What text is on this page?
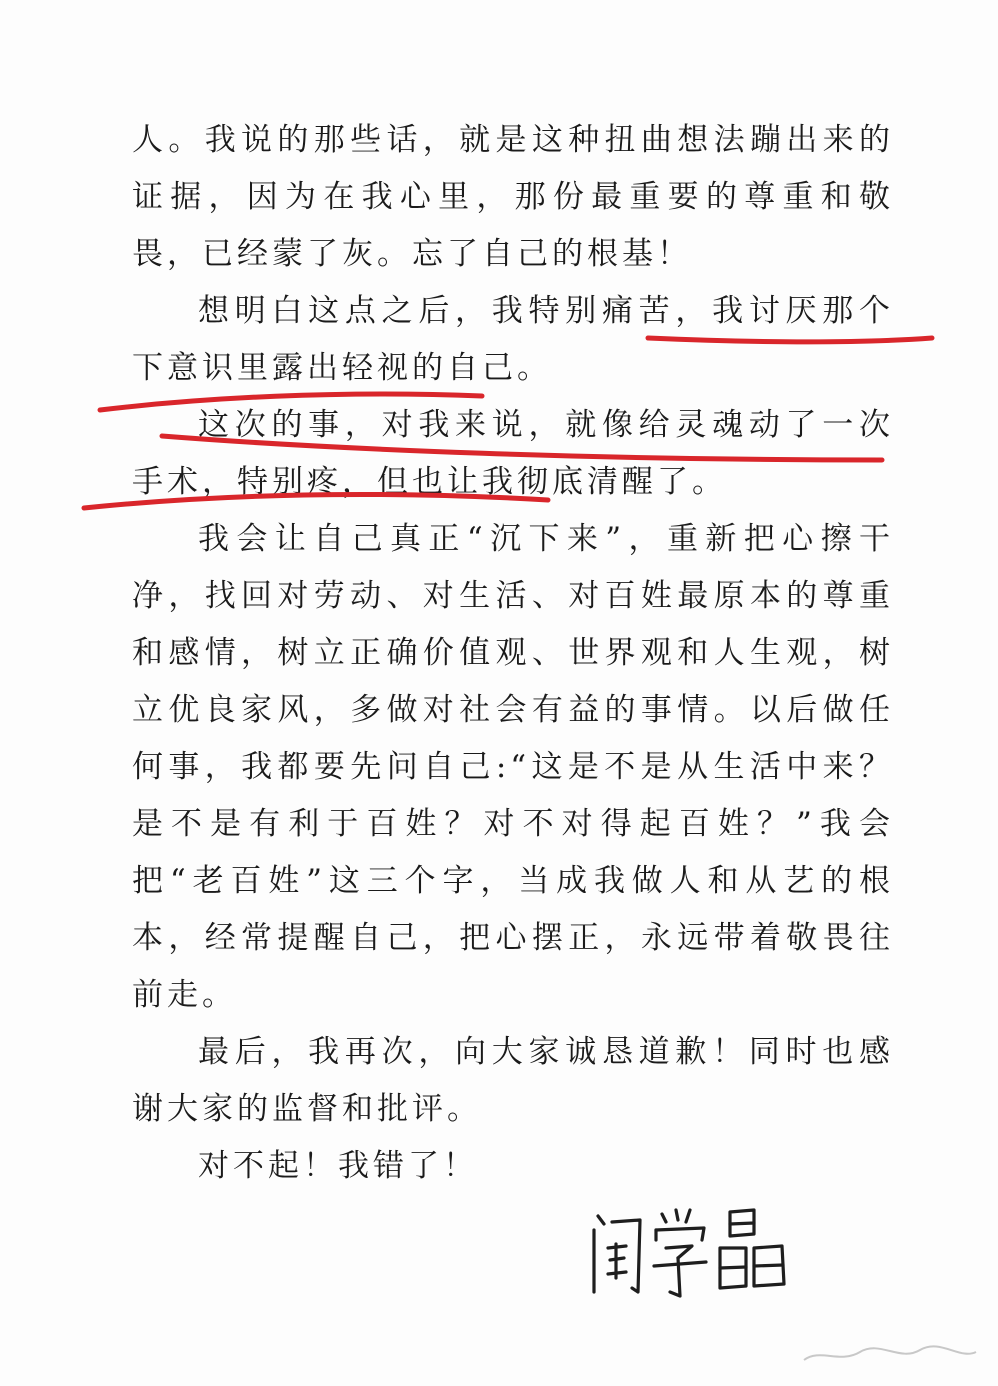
人。我说的那些话，就是这种扭曲想法蹦出来的证据，因为在我心里，那份最重要的尊重和敬畏，已经蒙了灰。忘了自己的根基！

想明白这点之后，我特别痛苦，我讨厌那个下意识里露出轻视的自己。

这次的事，对我来说，就像给灵魂动了一次手术，特别疼，但也让我彻底清醒了。

我会让自己真正“沉下来”，重新把心擦干净，找回对劳动、对生活、对百姓最原本的尊重和感情，树立正确价值观、世界观和人生观，树立优良家风，多做对社会有益的事情。以后做任何事，我都要先问自己:“这是不是从生活中来？是不是有利于百姓？对不对得起百姓？”我会把“老百姓”这三个字，当成我做人和从艺的根本，经常提醒自己，把心摆正，永远带着敬畏往前走。

最后，我再次，向大家诚恳道歉！同时也感谢大家的监督和批评。

对不起！我错了！
